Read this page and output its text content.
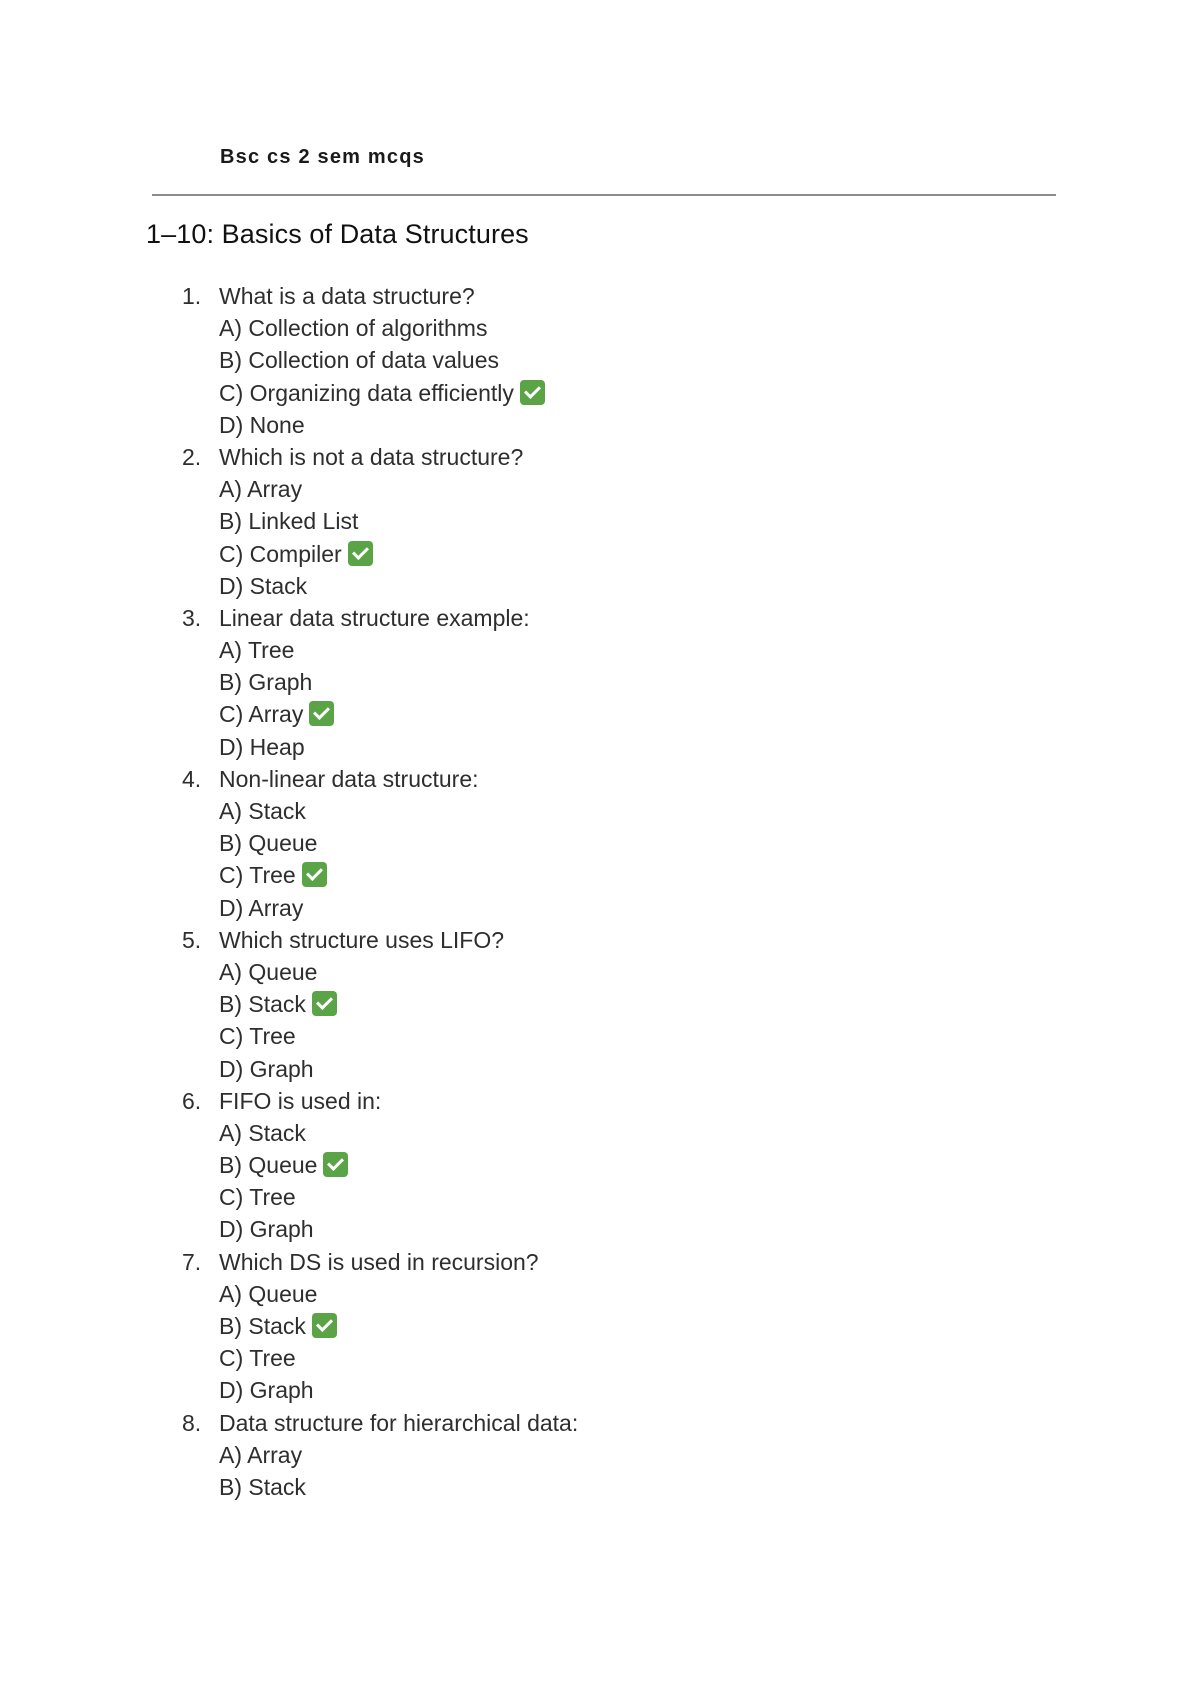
Bsc cs 2 sem mcqs
1–10: Basics of Data Structures
1. What is a data structure?
A) Collection of algorithms
B) Collection of data values
C) Organizing data efficiently
D) None
2. Which is not a data structure?
A) Array
B) Linked List
C) Compiler
D) Stack
3. Linear data structure example:
A) Tree
B) Graph
C) Array
D) Heap
4. Non-linear data structure:
A) Stack
B) Queue
C) Tree
D) Array
5. Which structure uses LIFO?
A) Queue
B) Stack
C) Tree
D) Graph
6. FIFO is used in:
A) Stack
B) Queue
C) Tree
D) Graph
7. Which DS is used in recursion?
A) Queue
B) Stack
C) Tree
D) Graph
8. Data structure for hierarchical data:
A) Array
B) Stack
